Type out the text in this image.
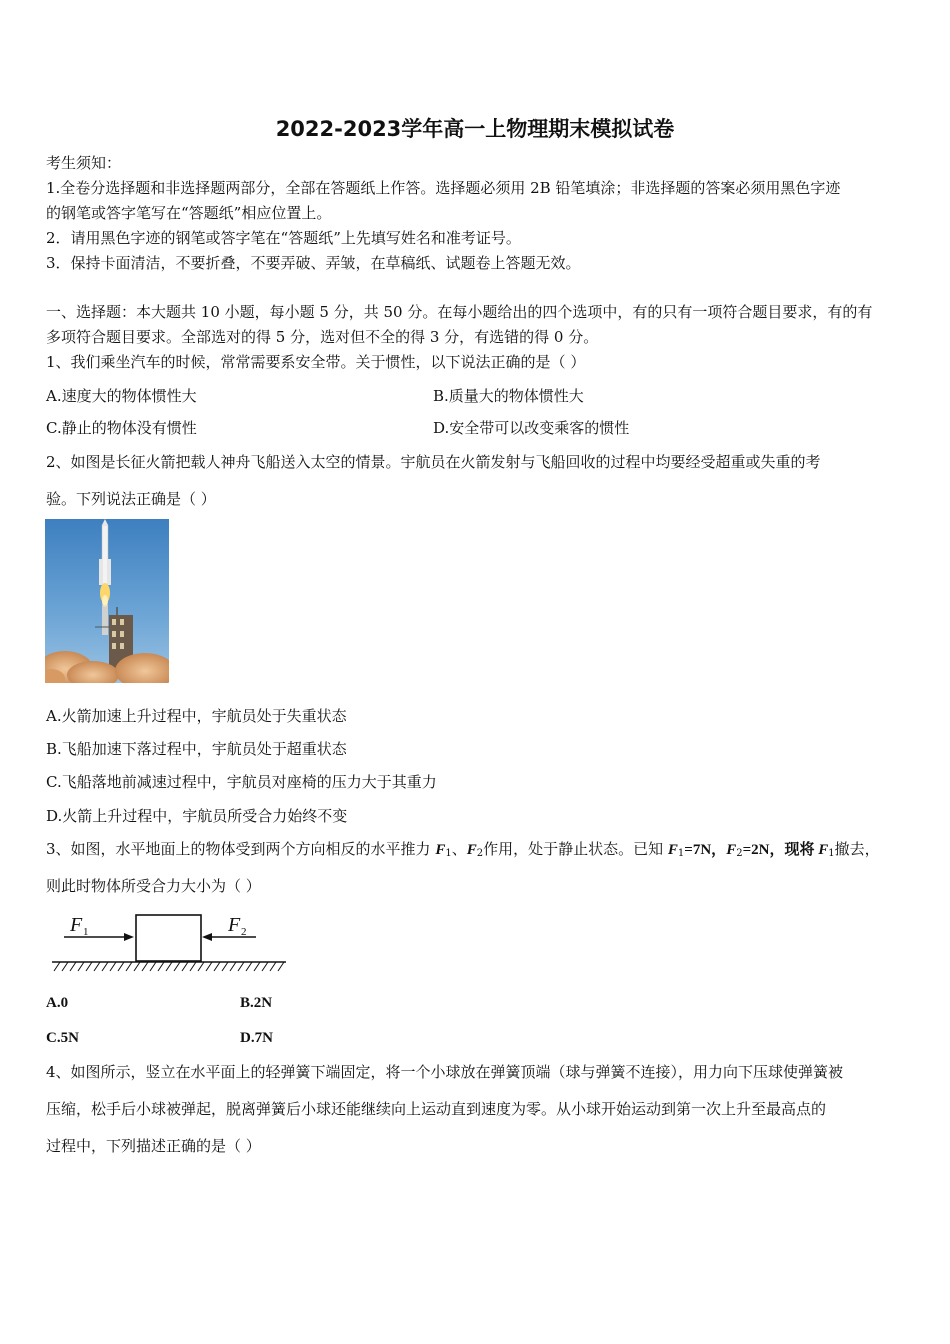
2022-2023学年高一上物理期末模拟试卷
考生须知：
1.全卷分选择题和非选择题两部分，全部在答题纸上作答。选择题必须用 2B 铅笔填涂；非选择题的答案必须用黑色字迹
的钢笔或答字笔写在“答题纸”相应位置上。
2．请用黑色字迹的钢笔或答字笔在“答题纸”上先填写姓名和准考证号。
3．保持卡面清洁，不要折叠，不要弄破、弄皱，在草稿纸、试题卷上答题无效。
一、选择题：本大题共 10 小题，每小题 5 分，共 50 分。在每小题给出的四个选项中，有的只有一项符合题目要求，有的有
多项符合题目要求。全部选对的得 5 分，选对但不全的得 3 分，有选错的得 0 分。
1、我们乘坐汽车的时候，常常需要系安全带。关于惯性，以下说法正确的是（ ）
A.速度大的物体惯性大	B.质量大的物体惯性大
C.静止的物体没有惯性	D.安全带可以改变乘客的惯性
2、如图是长征火箭把载人神舟飞船送入太空的情景。宇航员在火箭发射与飞船回收的过程中均要经受超重或失重的考
验。下列说法正确是（ ）
A.火箭加速上升过程中，宇航员处于失重状态
B.飞船加速下落过程中，宇航员处于超重状态
C.飞船落地前减速过程中，宇航员对座椅的压力大于其重力
D.火箭上升过程中，宇航员所受合力始终不变
3、如图，水平地面上的物体受到两个方向相反的水平推力 $F_1$、$F_2$作用，处于静止状态。已知 $F_1=7N$，$F_2=2N$，现将 $F_1$撤去，
则此时物体所受合力大小为（ ）
F 1	F 2
A.0	B.2N
C.5N	D.7N
4、如图所示，竖立在水平面上的轻弹簧下端固定，将一个小球放在弹簧顶端（球与弹簧不连接），用力向下压球使弹簧被
压缩，松手后小球被弹起，脱离弹簧后小球还能继续向上运动直到速度为零。从小球开始运动到第一次上升至最高点的
过程中，下列描述正确的是（ ）
